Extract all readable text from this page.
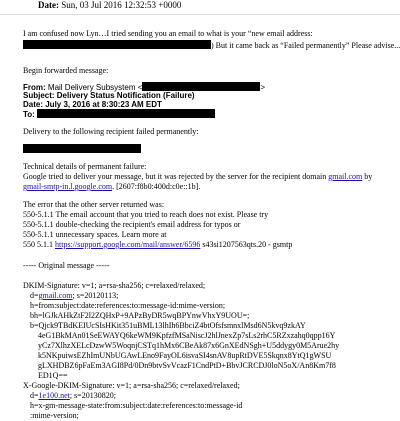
Date: Sun, 03 Jul 2016 12:32:53 +0000
I am confused now Lyn…I tried sending you an email to what is your “new email address:
) But it came back as “Failed permanently” Please advise...
Begin forwarded message:
From: Mail Delivery Subsystem <	>
Subject: Delivery Status Notification (Failure)
Date: July 3, 2016 at 8:30:23 AM EDT
To:
Delivery to the following recipient failed permanently:
Technical details of permanent failure:
Google tried to deliver your message, but it was rejected by the server for the recipient domain gmail.com by
gmail-smtp-in.l.google.com. [2607:f8b0:400d:c0e::1b].
The error that the other server returned was:
550-5.1.1 The email account that you tried to reach does not exist. Please try
550-5.1.1 double-checking the recipient's email address for typos or
550-5.1.1 unnecessary spaces. Learn more at
550 5.1.1 https://support.google.com/mail/answer/6596 s43si1207563qts.20 - gsmtp
----- Original message -----
DKIM-Signature: v=1; a=rsa-sha256; c=relaxed/relaxed;
d=gmail.com; s=20120113;
h=from:subject:date:references:to:message-id:mime-version;
bh=lGJkAHkZtF2l2ZQHxP+9APzByDR5wqBPYnwVhxY9UOU=;
b=Qjck9TBdKEIUcSIsHKit351uBML13lhIh6BbciZ4btOfsfsmnxlMsd6N5kvq9zkAY
4eG1BkMAn01SeEWAYQ6keWM9KpfzfMSaNiscJ2hlJnexZp7sLs2rhC5RZxzahq0qpp16Y
yCz7XlhzXELcDzwW5WoqnjCSTq1hMx6CBeAk87x6GnXEdNSgh+U5ddygy0M5Arue2hy
k5NKpuiwsEZhImUNbUGAwLEno9FayOL6isvaSI4snAV8upRtDVE5Skqnx8YtQ1gWSU
gLXHDBZ6pFaEm3AGI8Pd/0Dn9btvSvVcazF1CndPtD+BbvJCRCDJ0loN5oX/An8Km7f8
ED1Q==
X-Google-DKIM-Signature: v=1; a=rsa-sha256; c=relaxed/relaxed;
d=1e100.net; s=20130820;
h=x-gm-message-state:from:subject:date:references:to:message-id
:mime-version;
